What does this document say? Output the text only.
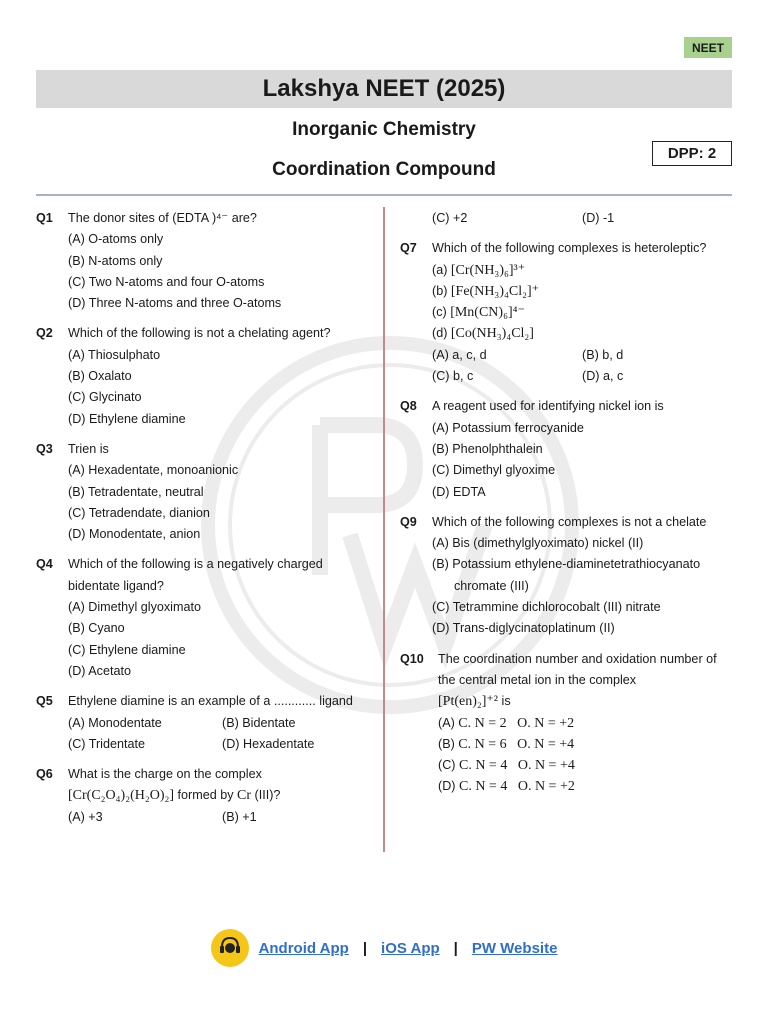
NEET
Lakshya NEET (2025)
Inorganic Chemistry
Coordination Compound
DPP: 2
Q1	The donor sites of (EDTA )⁴⁻ are?
(A) O-atoms only
(B) N-atoms only
(C) Two N-atoms and four O-atoms
(D) Three N-atoms and three O-atoms
Q2	Which of the following is not a chelating agent?
(A) Thiosulphato
(B) Oxalato
(C) Glycinato
(D) Ethylene diamine
Q3	Trien is
(A) Hexadentate, monoanionic
(B) Tetradentate, neutral
(C) Tetradendate, dianion
(D) Monodentate, anion
Q4	Which of the following is a negatively charged bidentate ligand?
(A) Dimethyl glyoximato
(B) Cyano
(C) Ethylene diamine
(D) Acetato
Q5	Ethylene diamine is an example of a ............ ligand
(A) Monodentate	(B) Bidentate
(C) Tridentate	(D) Hexadentate
Q6	What is the charge on the complex
[Cr(C₂O₄)₂(H₂O)₂] formed by Cr (III)?
(A) +3	(B) +1
(C) +2	(D) -1
Q7	Which of the following complexes is heteroleptic?
(a) [Cr(NH₃)₆]³⁺
(b) [Fe(NH₃)₄Cl₂]⁺
(c) [Mn(CN)₆]⁴⁻
(d) [Co(NH₃)₄Cl₂]
(A) a, c, d	(B) b, d
(C) b, c	(D) a, c
Q8	A reagent used for identifying nickel ion is
(A) Potassium ferrocyanide
(B) Phenolphthalein
(C) Dimethyl glyoxime
(D) EDTA
Q9	Which of the following complexes is not a chelate
(A) Bis (dimethylglyoximato) nickel (II)
(B) Potassium ethylene-diaminetetrathiocyanato
chromate (III)
(C) Tetrammine dichlorocobalt (III) nitrate
(D) Trans-diglycinatoplatinum (II)
Q10	The coordination number and oxidation number of the central metal ion in the complex
[Pt(en)₂]⁺² is
(A) C. N = 2   O. N = +2
(B) C. N = 6   O. N = +4
(C) C. N = 4   O. N = +4
(D) C. N = 4   O. N = +2
Android App | iOS App | PW Website
